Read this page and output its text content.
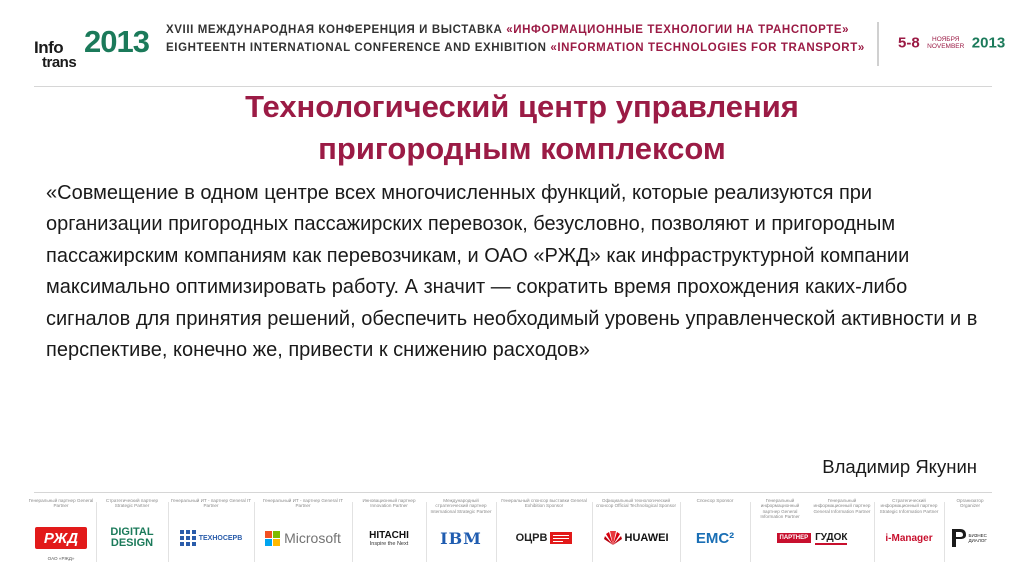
Info
trans
2013 XVIII МЕЖДУНАРОДНАЯ КОНФЕРЕНЦИЯ И ВЫСТАВКА «ИНФОРМАЦИОННЫЕ ТЕХНОЛОГИИ НА ТРАНСПОРТЕ»
EIGHTEENTH INTERNATIONAL CONFERENCE AND EXHIBITION «INFORMATION TECHNOLOGIES FOR TRANSPORT» 5-8 НОЯБРЯ
NOVEMBER 2013
Технологический центр управления
пригородным комплексом
«Совмещение в одном центре всех многочисленных функций, которые реализуются при организации пригородных пассажирских перевозок, безусловно, позволяют и пригородным пассажирским компаниям как перевозчикам, и ОАО «РЖД» как инфраструктурной компании максимально оптимизировать работу. А значит — сократить время прохождения каких-либо сигналов для принятия решений, обеспечить необходимый уровень управленческой активности и в перспективе, конечно же, привести к снижению расходов»
Владимир Якунин
Генеральный партнер General Partner
РЖД
ОАО «РЖД»
Стратегический партнер Strategic Partner
DIGITAL DESIGN
Генеральный ИТ - партнер General IT Partner
ТЕХНОСЕРВ
Генеральный ИТ - партнер General IT Partner
Microsoft
Инновационный партнер Innovation Partner
HITACHI
Inspire the Next
Международный стратегический партнер International Strategic Partner
IBM
Генеральный спонсор выставки General Exhibition Sponsor
ОЦРВ
Официальный технологический спонсор Official Technological Sponsor
HUAWEI
Спонсор Sponsor
EMC²
Генеральный информационный партнер General Information Partner
Генеральный информационный партнер General Information Partner
ПАРТНЕР ГУДОК
Стратегический информационный партнер Strategic Information Partner
i-Manager
Организатор Organizer
БИЗНЕС ДИАЛОГ
